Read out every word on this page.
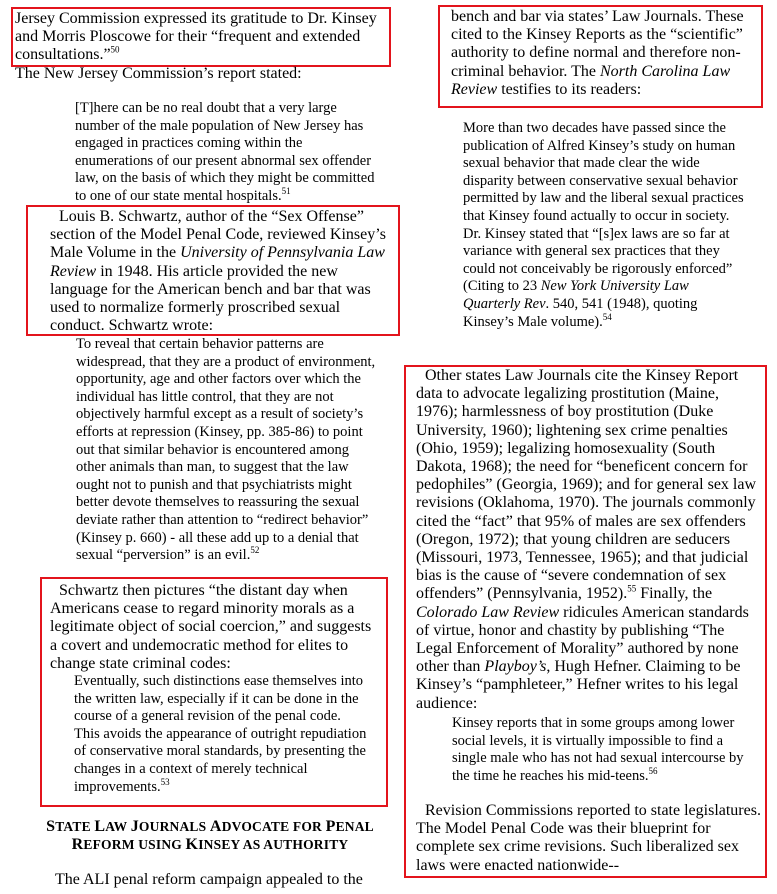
Jersey Commission expressed its gratitude to Dr. Kinsey and Morris Ploscowe for their “frequent and extended consultations.”$^{50}$

The New Jersey Commission’s report stated:

[T]here can be no real doubt that a very large number of the male population of New Jersey has engaged in practices coming within the enumerations of our present abnormal sex offender law, on the basis of which they might be committed to one of our state mental hospitals.$^{51}$

Louis B. Schwartz, author of the “Sex Offense” section of the Model Penal Code, reviewed Kinsey’s Male Volume in the University of Pennsylvania Law Review in 1948. His article provided the new language for the American bench and bar that was used to normalize formerly proscribed sexual conduct. Schwartz wrote:

To reveal that certain behavior patterns are widespread, that they are a product of environment, opportunity, age and other factors over which the individual has little control, that they are not objectively harmful except as a result of society’s efforts at repression (Kinsey, pp. 385-86) to point out that similar behavior is encountered among other animals than man, to suggest that the law ought not to punish and that psychiatrists might better devote themselves to reassuring the sexual deviate rather than attention to “redirect behavior” (Kinsey p. 660) - all these add up to a denial that sexual “perversion” is an evil.$^{52}$

Schwartz then pictures “the distant day when Americans cease to regard minority morals as a legitimate object of social coercion,” and suggests a covert and undemocratic method for elites to change state criminal codes:

Eventually, such distinctions ease themselves into the written law, especially if it can be done in the course of a general revision of the penal code. This avoids the appearance of outright repudiation of conservative moral standards, by presenting the changes in a context of merely technical improvements.$^{53}$

STATE LAW JOURNALS ADVOCATE FOR PENAL
REFORM USING KINSEY AS AUTHORITY

The ALI penal reform campaign appealed to the

bench and bar via states’ Law Journals. These cited to the Kinsey Reports as the “scientific” authority to define normal and therefore non-criminal behavior. The North Carolina Law Review testifies to its readers:

More than two decades have passed since the publication of Alfred Kinsey’s study on human sexual behavior that made clear the wide disparity between conservative sexual behavior permitted by law and the liberal sexual practices that Kinsey found actually to occur in society. Dr. Kinsey stated that “[s]ex laws are so far at variance with general sex practices that they could not conceivably be rigorously enforced” (Citing to 23 New York University Law Quarterly Rev. 540, 541 (1948), quoting Kinsey’s Male volume).$^{54}$

Other states Law Journals cite the Kinsey Report data to advocate legalizing prostitution (Maine, 1976); harmlessness of boy prostitution (Duke University, 1960); lightening sex crime penalties (Ohio, 1959); legalizing homosexuality (South Dakota, 1968); the need for “beneficent concern for pedophiles” (Georgia, 1969); and for general sex law revisions (Oklahoma, 1970). The journals commonly cited the “fact” that 95% of males are sex offenders (Oregon, 1972); that young children are seducers (Missouri, 1973, Tennessee, 1965); and that judicial bias is the cause of “severe condemnation of sex offenders” (Pennsylvania, 1952).$^{55}$ Finally, the Colorado Law Review ridicules American standards of virtue, honor and chastity by publishing “The Legal Enforcement of Morality” authored by none other than Playboy’s, Hugh Hefner. Claiming to be Kinsey’s “pamphleteer,” Hefner writes to his legal audience:

Kinsey reports that in some groups among lower social levels, it is virtually impossible to find a single male who has not had sexual intercourse by the time he reaches his mid-teens.$^{56}$

Revision Commissions reported to state legislatures. The Model Penal Code was their blueprint for complete sex crime revisions. Such liberalized sex laws were enacted nationwide--
